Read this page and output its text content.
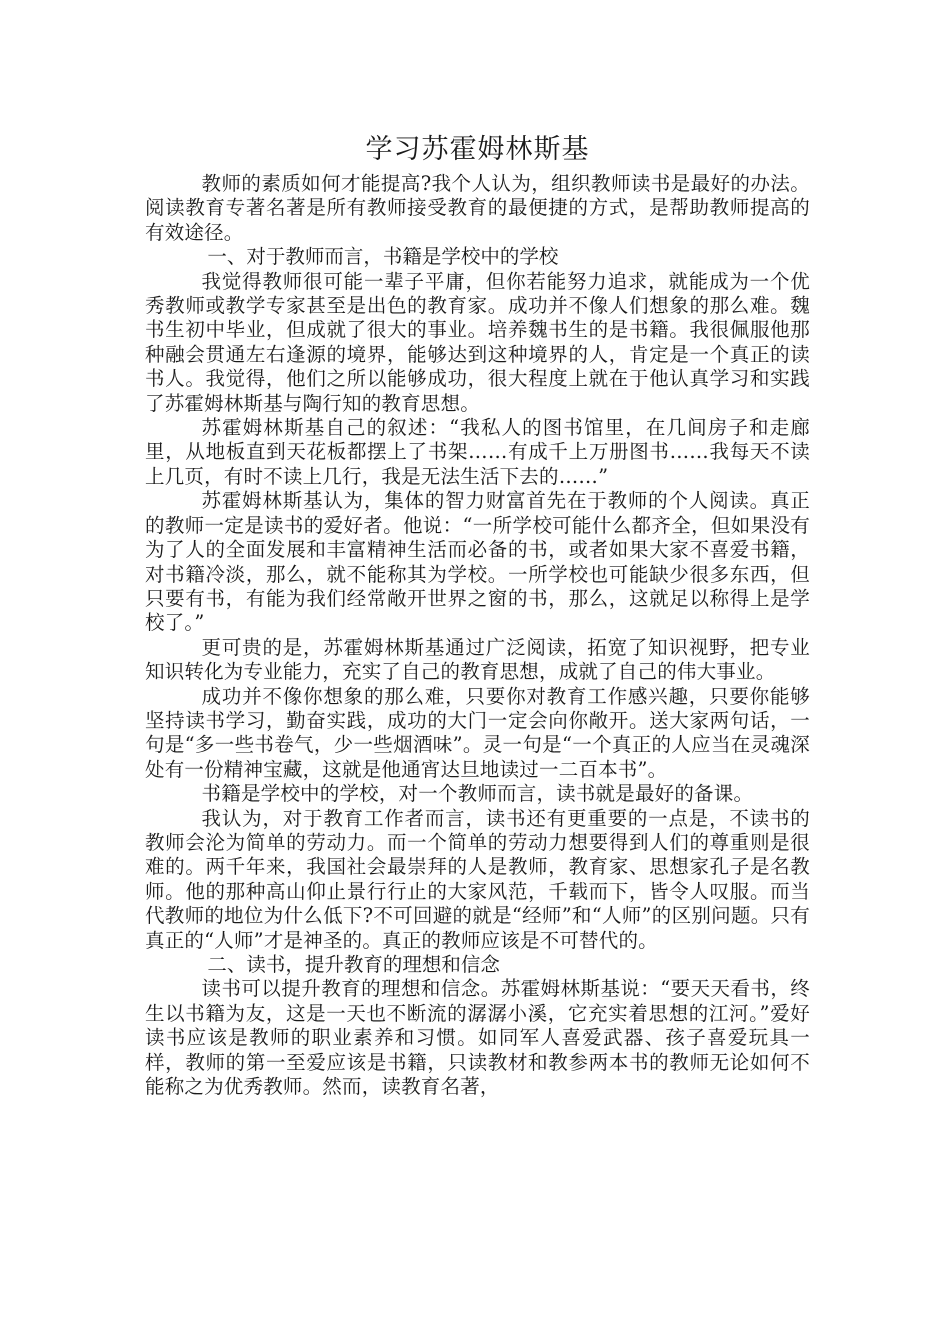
学习苏霍姆林斯基

教师的素质如何才能提高?我个人认为，组织教师读书是最好的办法。阅读教育专著名著是所有教师接受教育的最便捷的方式，是帮助教师提高的有效途径。

一、对于教师而言，书籍是学校中的学校

我觉得教师很可能一辈子平庸，但你若能努力追求，就能成为一个优秀教师或教学专家甚至是出色的教育家。成功并不像人们想象的那么难。魏书生初中毕业，但成就了很大的事业。培养魏书生的是书籍。我很佩服他那种融会贯通左右逢源的境界，能够达到这种境界的人，肯定是一个真正的读书人。我觉得，他们之所以能够成功，很大程度上就在于他认真学习和实践了苏霍姆林斯基与陶行知的教育思想。

苏霍姆林斯基自己的叙述：“我私人的图书馆里，在几间房子和走廊里，从地板直到天花板都摆上了书架……有成千上万册图书……我每天不读上几页，有时不读上几行，我是无法生活下去的……”

苏霍姆林斯基认为，集体的智力财富首先在于教师的个人阅读。真正的教师一定是读书的爱好者。他说：“一所学校可能什么都齐全，但如果没有为了人的全面发展和丰富精神生活而必备的书，或者如果大家不喜爱书籍，对书籍冷淡，那么，就不能称其为学校。一所学校也可能缺少很多东西，但只要有书，有能为我们经常敞开世界之窗的书，那么，这就足以称得上是学校了。”

更可贵的是，苏霍姆林斯基通过广泛阅读，拓宽了知识视野，把专业知识转化为专业能力，充实了自己的教育思想，成就了自己的伟大事业。

成功并不像你想象的那么难，只要你对教育工作感兴趣，只要你能够坚持读书学习，勤奋实践，成功的大门一定会向你敞开。送大家两句话，一句是“多一些书卷气，少一些烟酒味”。灵一句是“一个真正的人应当在灵魂深处有一份精神宝藏，这就是他通宵达旦地读过一二百本书”。

书籍是学校中的学校，对一个教师而言，读书就是最好的备课。

我认为，对于教育工作者而言，读书还有更重要的一点是，不读书的教师会沦为简单的劳动力。而一个简单的劳动力想要得到人们的尊重则是很难的。两千年来，我国社会最崇拜的人是教师，教育家、思想家孔子是名教师。他的那种高山仰止景行行止的大家风范，千载而下，皆令人叹服。而当代教师的地位为什么低下?不可回避的就是“经师”和“人师”的区别问题。只有真正的“人师”才是神圣的。真正的教师应该是不可替代的。

二、读书，提升教育的理想和信念

读书可以提升教育的理想和信念。苏霍姆林斯基说：“要天天看书，终生以书籍为友，这是一天也不断流的潺潺小溪，它充实着思想的江河。”爱好读书应该是教师的职业素养和习惯。如同军人喜爱武器、孩子喜爱玩具一样，教师的第一至爱应该是书籍，只读教材和教参两本书的教师无论如何不能称之为优秀教师。然而，读教育名著，
